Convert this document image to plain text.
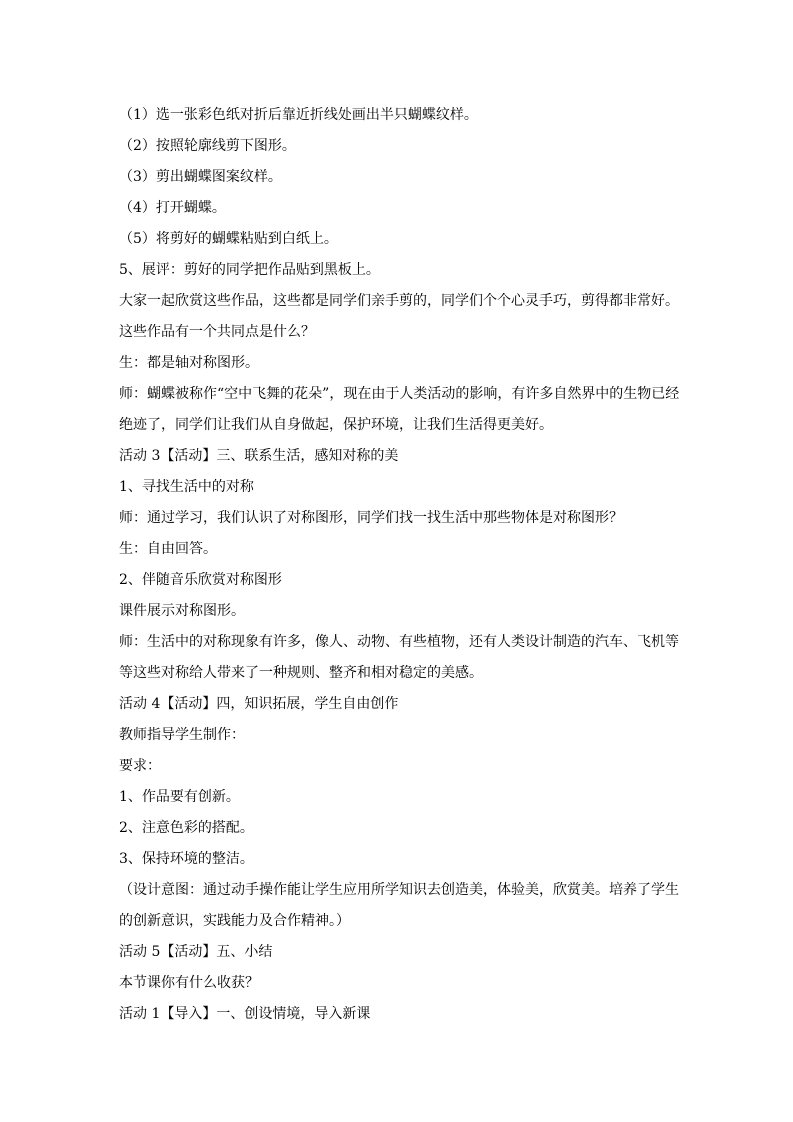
（1）选一张彩色纸对折后靠近折线处画出半只蝴蝶纹样。

（2）按照轮廓线剪下图形。

（3）剪出蝴蝶图案纹样。

（4）打开蝴蝶。

（5）将剪好的蝴蝶粘贴到白纸上。

5、展评：剪好的同学把作品贴到黑板上。

大家一起欣赏这些作品，这些都是同学们亲手剪的，同学们个个心灵手巧，剪得都非常好。

这些作品有一个共同点是什么？

生：都是轴对称图形。

师：蝴蝶被称作“空中飞舞的花朵”，现在由于人类活动的影响，有许多自然界中的生物已经

绝迹了，同学们让我们从自身做起，保护环境，让我们生活得更美好。

活动 3【活动】三、联系生活，感知对称的美

1、寻找生活中的对称

师：通过学习，我们认识了对称图形，同学们找一找生活中那些物体是对称图形？

生：自由回答。

2、伴随音乐欣赏对称图形

课件展示对称图形。

师：生活中的对称现象有许多，像人、动物、有些植物，还有人类设计制造的汽车、飞机等

等这些对称给人带来了一种规则、整齐和相对稳定的美感。

活动 4【活动】四，知识拓展，学生自由创作

教师指导学生制作：

要求：

1、作品要有创新。

2、注意色彩的搭配。

3、保持环境的整洁。

（设计意图：通过动手操作能让学生应用所学知识去创造美，体验美，欣赏美。培养了学生

的创新意识，实践能力及合作精神。）

活动 5【活动】五、小结

本节课你有什么收获？

活动 1【导入】一、创设情境，导入新课
